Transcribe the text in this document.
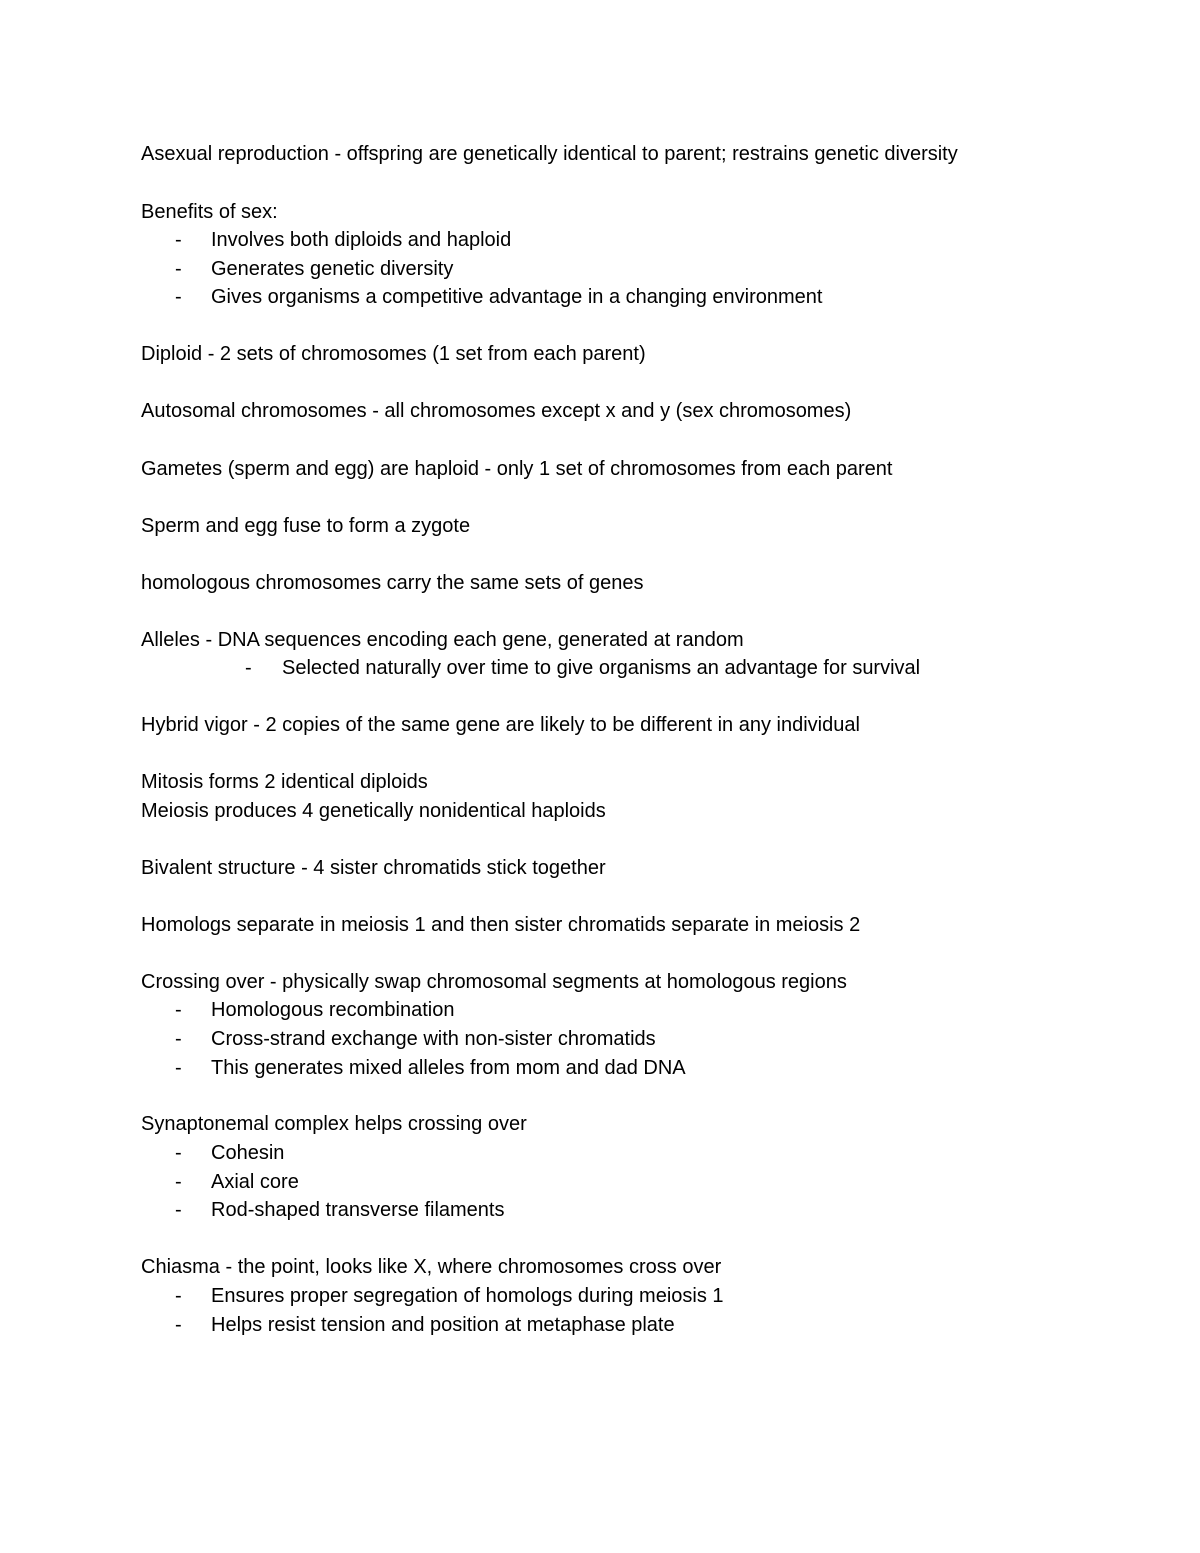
Asexual reproduction - offspring are genetically identical to parent; restrains genetic diversity
Benefits of sex:
- Involves both diploids and haploid
- Generates genetic diversity
- Gives organisms a competitive advantage in a changing environment
Diploid - 2 sets of chromosomes (1 set from each parent)
Autosomal chromosomes - all chromosomes except x and y (sex chromosomes)
Gametes (sperm and egg) are haploid - only 1 set of chromosomes from each parent
Sperm and egg fuse to form a zygote
homologous chromosomes carry the same sets of genes
Alleles - DNA sequences encoding each gene, generated at random
- Selected naturally over time to give organisms an advantage for survival
Hybrid vigor - 2 copies of the same gene are likely to be different in any individual
Mitosis forms 2 identical diploids
Meiosis produces 4 genetically nonidentical haploids
Bivalent structure - 4 sister chromatids stick together
Homologs separate in meiosis 1 and then sister chromatids separate in meiosis 2
Crossing over - physically swap chromosomal segments at homologous regions
- Homologous recombination
- Cross-strand exchange with non-sister chromatids
- This generates mixed alleles from mom and dad DNA
Synaptonemal complex helps crossing over
- Cohesin
- Axial core
- Rod-shaped transverse filaments
Chiasma - the point, looks like X, where chromosomes cross over
- Ensures proper segregation of homologs during meiosis 1
- Helps resist tension and position at metaphase plate
